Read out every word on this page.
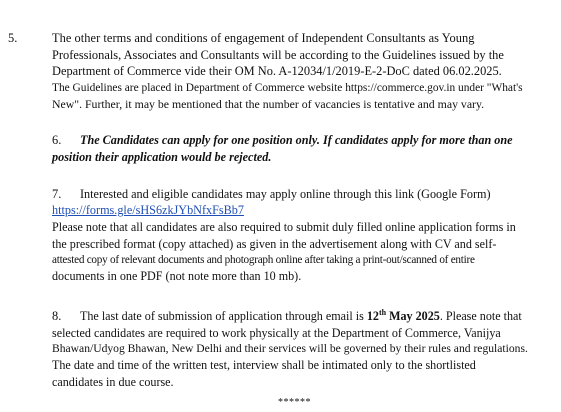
5.	The other terms and conditions of engagement of Independent Consultants as Young
Professionals, Associates and Consultants will be according to the Guidelines issued by the
Department of Commerce vide their OM No. A-12034/1/2019-E-2-DoC dated 06.02.2025.
The Guidelines are placed in Department of Commerce website https://commerce.gov.in under "What's
New". Further, it may be mentioned that the number of vacancies is tentative and may vary.
6. The Candidates can apply for one position only. If candidates apply for more than one
position their application would be rejected.
7. Interested and eligible candidates may apply online through this link (Google Form)
https://forms.gle/sHS6zkJYbNfxFsBb7
Please note that all candidates are also required to submit duly filled online application forms in
the prescribed format (copy attached) as given in the advertisement along with CV and self-
attested copy of relevant documents and photograph online after taking a print-out/scanned of entire
documents in one PDF (not note more than 10 mb).
8. The last date of submission of application through email is 12th May 2025. Please note that
selected candidates are required to work physically at the Department of Commerce, Vanijya
Bhawan/Udyog Bhawan, New Delhi and their services will be governed by their rules and regulations.
The date and time of the written test, interview shall be intimated only to the shortlisted
candidates in due course.
******
